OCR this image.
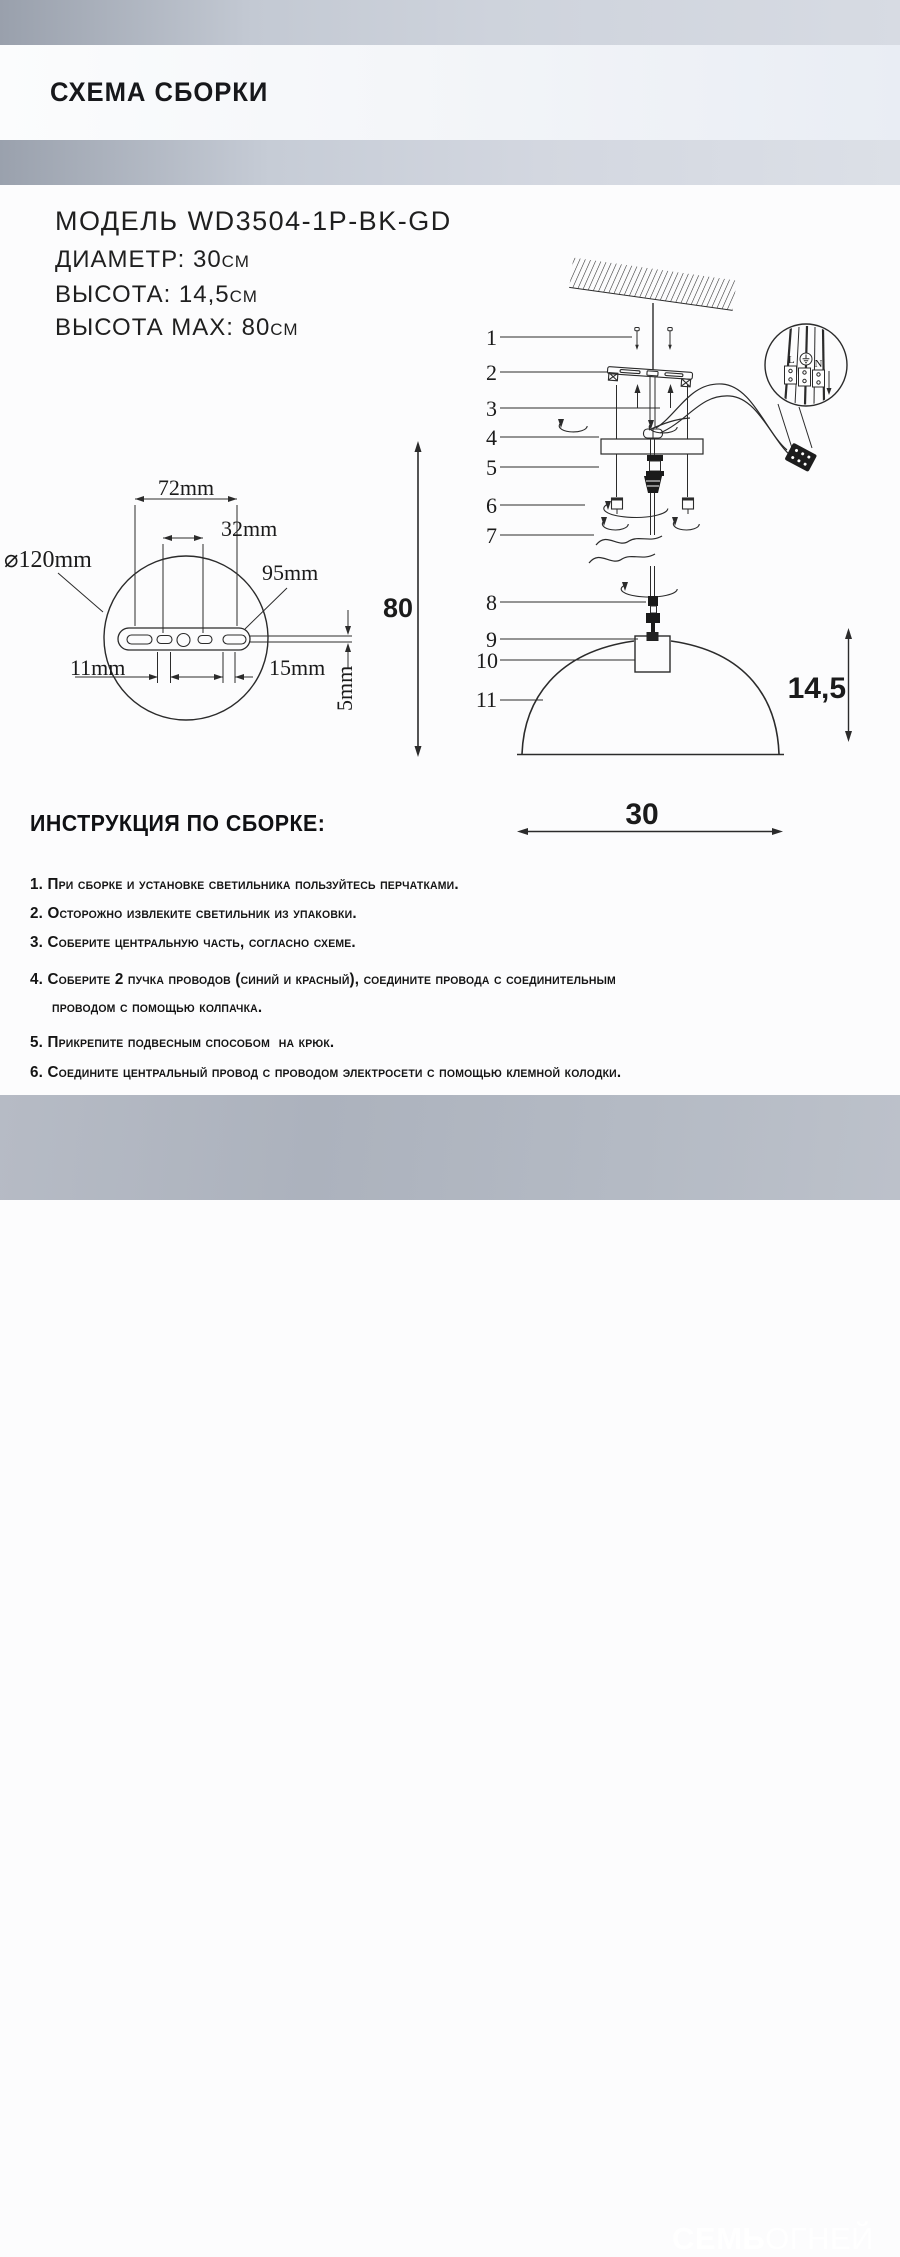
СХЕМА СБОРКИ
МОДЕЛЬ WD3504-1P-BK-GD
ДИАМЕТР: 30см
ВЫСОТА: 14,5см
ВЫСОТА MAX: 80см
72mm
32mm
⌀120mm	95mm
11mm	15mm 5mm
80
1
2
3
4
5
6
7
8
9
10
11
L N
14,5
30
ИНСТРУКЦИЯ ПО СБОРКЕ:
1. При сборке и установке светильника пользуйтесь перчатками.
2. Осторожно извлеките светильник из упаковки.
3. Соберите центральную часть, согласно схеме.
4. Соберите 2 пучка проводов (синий и красный), соедините провода с соединительным
проводом с помощью колпачка.
5. Прикрепите подвесным способом  на крюк.
6. Соедините центральный провод с проводом электросети с помощью клемной колодки.
СЕМЬОГНЕЙ
